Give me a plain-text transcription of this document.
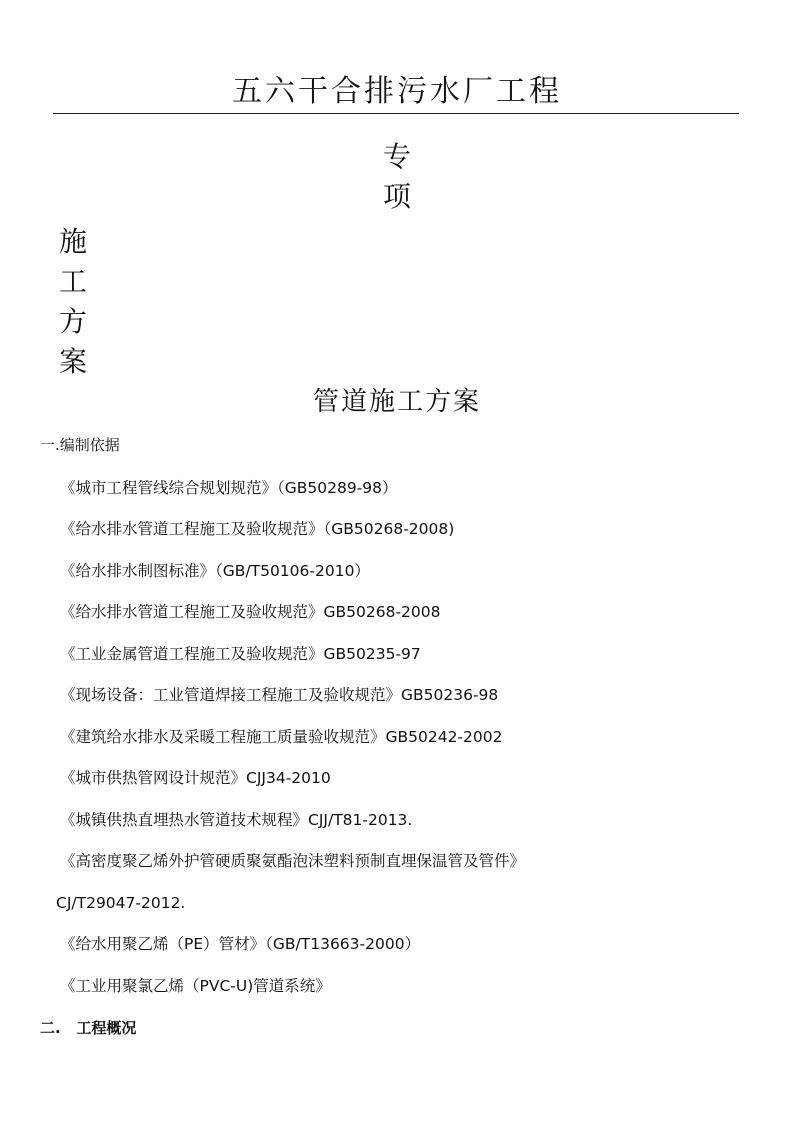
五六干合排污水厂工程
专
项
施
工
方
案
管道施工方案
一.编制依据
《城市工程管线综合规划规范》（GB50289-98）
《给水排水管道工程施工及验收规范》（GB50268-2008)
《给水排水制图标准》（GB/T50106-2010）
《给水排水管道工程施工及验收规范》GB50268-2008
《工业金属管道工程施工及验收规范》GB50235-97
《现场设备：工业管道焊接工程施工及验收规范》GB50236-98
《建筑给水排水及采暖工程施工质量验收规范》GB50242-2002
《城市供热管网设计规范》CJJ34-2010
《城镇供热直埋热水管道技术规程》CJJ/T81-2013.
《高密度聚乙烯外护管硬质聚氨酯泡沫塑料预制直埋保温管及管件》
CJ/T29047-2012.
《给水用聚乙烯（PE）管材》（GB/T13663-2000）
《工业用聚氯乙烯（PVC-U)管道系统》
二.   工程概况
